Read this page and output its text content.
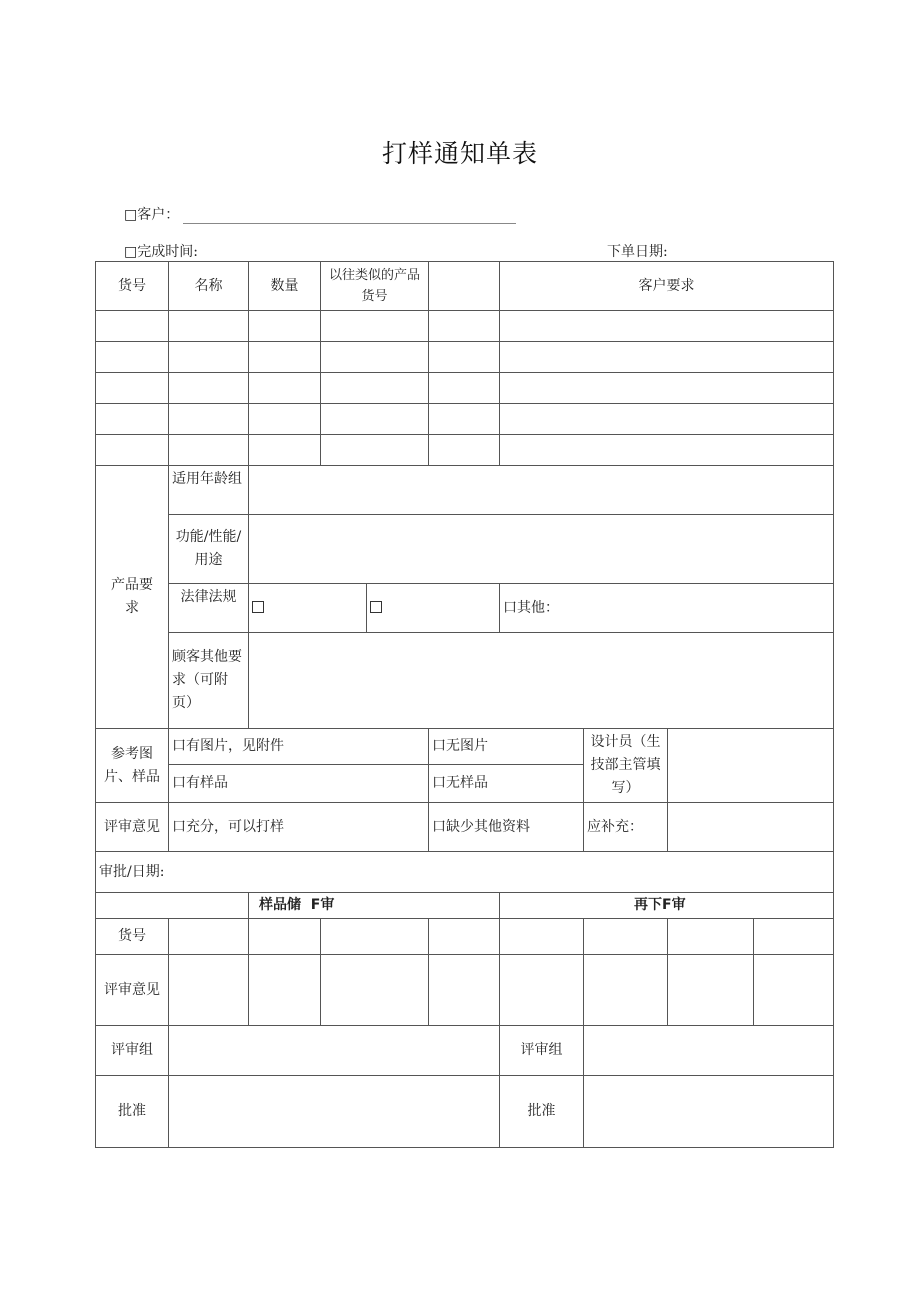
打样通知单表
□客户：
□完成时间:	下单日期:
货号	名称	数量	以往类似的产品货号			客户要求			

产品要求	适用年龄组								
	功能/性能/用途								
	法律法规					口其他：			
	顾客其他要求（可附页）								
参考图片、样品	口有图片，见附件				口无图片		设计员（生技部主管填写）		
	口有样品				口无样品				
评审意见	口充分，可以打样				口缺少其他资料		应补充：		
审批/日期:									
		样品储 F审				再下F审			
货号									
评审意见									
评审组						评审组			
批准						批准			
